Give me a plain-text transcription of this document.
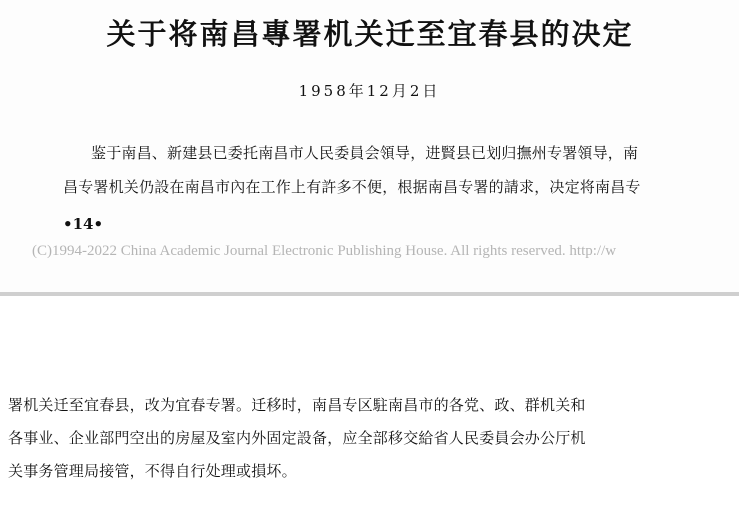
关于将南昌專署机关迁至宜春县的决定
1958年12月2日
鉴于南昌、新建县已委托南昌市人民委員会領导，进賢县已划归撫州专署領导，南
昌专署机关仍設在南昌市內在工作上有許多不便，根据南昌专署的請求，决定将南昌专
•14•
(C)1994-2022 China Academic Journal Electronic Publishing House. All rights reserved. http://w
署机关迁至宜春县，改为宜春专署。迁移时，南昌专区駐南昌市的各党、政、群机关和
各事业、企业部門空出的房屋及室内外固定設备，应全部移交給省人民委員会办公厅机
关事务管理局接管，不得自行处理或損坏。
